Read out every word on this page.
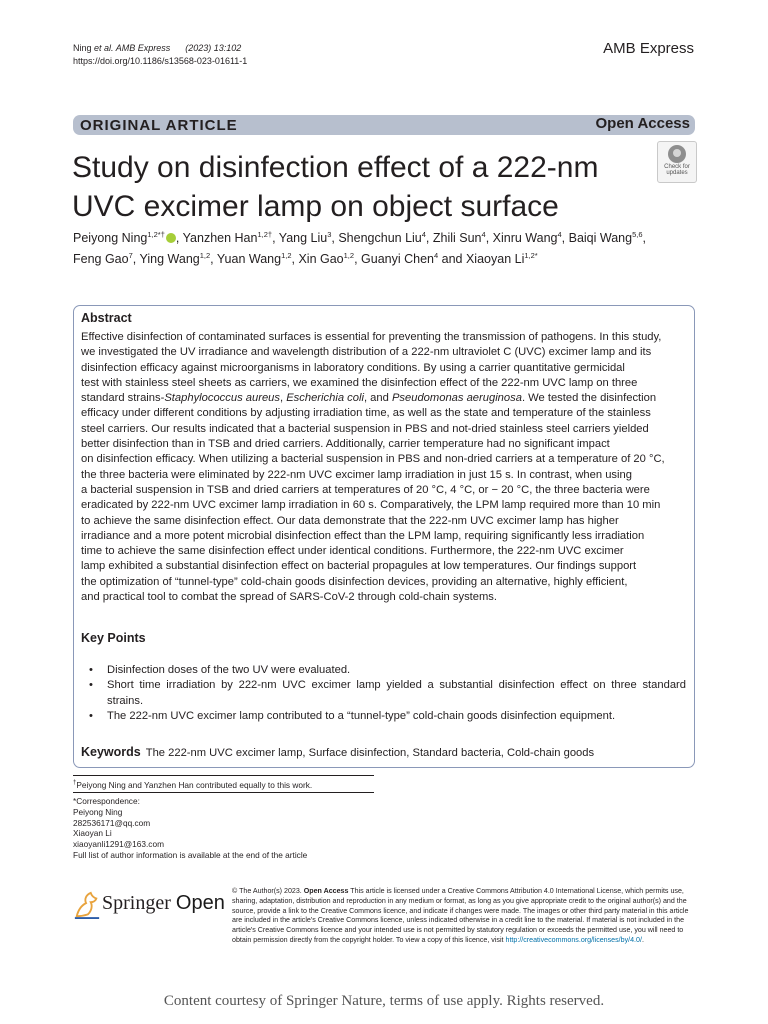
Ning et al. AMB Express (2023) 13:102
https://doi.org/10.1186/s13568-023-01611-1
AMB Express
ORIGINAL ARTICLE	Open Access
Study on disinfection effect of a 222-nm UVC excimer lamp on object surface
Check for
updates
Peiyong Ning$^{1,2*\dagger}$ , Yanzhen Han$^{1,2\dagger}$, Yang Liu$^3$, Shengchun Liu$^4$, Zhili Sun$^4$, Xinru Wang$^4$, Baiqi Wang$^{5,6}$,
Feng Gao$^7$, Ying Wang$^{1,2}$, Yuan Wang$^{1,2}$, Xin Gao$^{1,2}$, Guanyi Chen$^4$ and Xiaoyan $Li^{1,2*}$
Abstract
Effective disinfection of contaminated surfaces is essential for preventing the transmission of pathogens. In this study,
we investigated the UV irradiance and wavelength distribution of a 222-nm ultraviolet C (UVC) excimer lamp and its
disinfection efficacy against microorganisms in laboratory conditions. By using a carrier quantitative germicidal
test with stainless steel sheets as carriers, we examined the disinfection effect of the 222-nm UVC lamp on three
standard strains-Staphylococcus aureus, Escherichia coli, and Pseudomonas aeruginosa. We tested the disinfection
efficacy under different conditions by adjusting irradiation time, as well as the state and temperature of the stainless
steel carriers. Our results indicated that a bacterial suspension in PBS and not-dried stainless steel carriers yielded
better disinfection than in TSB and dried carriers. Additionally, carrier temperature had no significant impact
on disinfection efficacy. When utilizing a bacterial suspension in PBS and non-dried carriers at a temperature of 20 °C,
the three bacteria were eliminated by 222-nm UVC excimer lamp irradiation in just 15 s. In contrast, when using
a bacterial suspension in TSB and dried carriers at temperatures of 20 °C, 4 °C, or − 20 °C, the three bacteria were
eradicated by 222-nm UVC excimer lamp irradiation in 60 s. Comparatively, the LPM lamp required more than 10 min
to achieve the same disinfection effect. Our data demonstrate that the 222-nm UVC excimer lamp has higher
irradiance and a more potent microbial disinfection effect than the LPM lamp, requiring significantly less irradiation
time to achieve the same disinfection effect under identical conditions. Furthermore, the 222-nm UVC excimer
lamp exhibited a substantial disinfection effect on bacterial propagules at low temperatures. Our findings support
the optimization of “tunnel-type” cold-chain goods disinfection devices, providing an alternative, highly efficient,
and practical tool to combat the spread of SARS-CoV-2 through cold-chain systems.
Key Points
• Disinfection doses of the two UV were evaluated.
• Short time irradiation by 222-nm UVC excimer lamp yielded a substantial disinfection effect on three standard strains.
• The 222-nm UVC excimer lamp contributed to a “tunnel-type” cold-chain goods disinfection equipment.
Keywords The 222-nm UVC excimer lamp, Surface disinfection, Standard bacteria, Cold-chain goods
†Peiyong Ning and Yanzhen Han contributed equally to this work.
*Correspondence:
Peiyong Ning
282536171@qq.com
Xiaoyan Li
xiaoyanli1291@163.com
Full list of author information is available at the end of the article
Springer Open
© The Author(s) 2023. Open Access This article is licensed under a Creative Commons Attribution 4.0 International License, which permits use, sharing, adaptation, distribution and reproduction in any medium or format, as long as you give appropriate credit to the original author(s) and the source, provide a link to the Creative Commons licence, and indicate if changes were made. The images or other third party material in this article are included in the article's Creative Commons licence, unless indicated otherwise in a credit line to the material. If material is not included in the article's Creative Commons licence and your intended use is not permitted by statutory regulation or exceeds the permitted use, you will need to obtain permission directly from the copyright holder. To view a copy of this licence, visit http://creativecommons.org/licenses/by/4.0/.
Content courtesy of Springer Nature, terms of use apply. Rights reserved.
